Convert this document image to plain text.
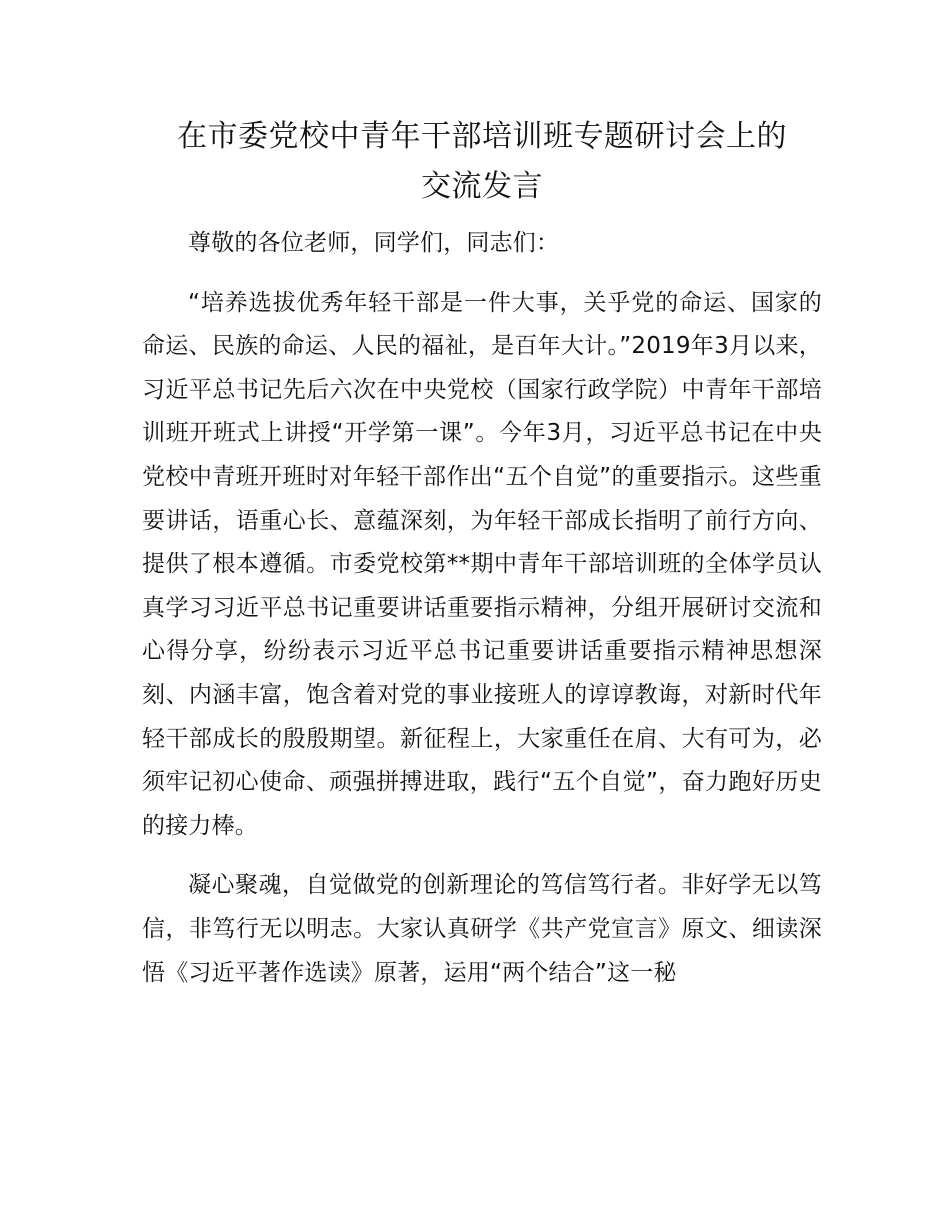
在市委党校中青年干部培训班专题研讨会上的
交流发言

尊敬的各位老师，同学们，同志们：

“培养选拔优秀年轻干部是一件大事，关乎党的命运、国家的命运、民族的命运、人民的福祉，是百年大计。”2019年3月以来，习近平总书记先后六次在中央党校（国家行政学院）中青年干部培训班开班式上讲授“开学第一课”。今年3月，习近平总书记在中央党校中青班开班时对年轻干部作出“五个自觉”的重要指示。这些重要讲话，语重心长、意蕴深刻，为年轻干部成长指明了前行方向、提供了根本遵循。市委党校第**期中青年干部培训班的全体学员认真学习习近平总书记重要讲话重要指示精神，分组开展研讨交流和心得分享，纷纷表示习近平总书记重要讲话重要指示精神思想深刻、内涵丰富，饱含着对党的事业接班人的谆谆教诲，对新时代年轻干部成长的殷殷期望。新征程上，大家重任在肩、大有可为，必须牢记初心使命、顽强拼搏进取，践行“五个自觉”，奋力跑好历史的接力棒。

凝心聚魂，自觉做党的创新理论的笃信笃行者。非好学无以笃信，非笃行无以明志。大家认真研学《共产党宣言》原文、细读深悟《习近平著作选读》原著，运用“两个结合”这一秘
